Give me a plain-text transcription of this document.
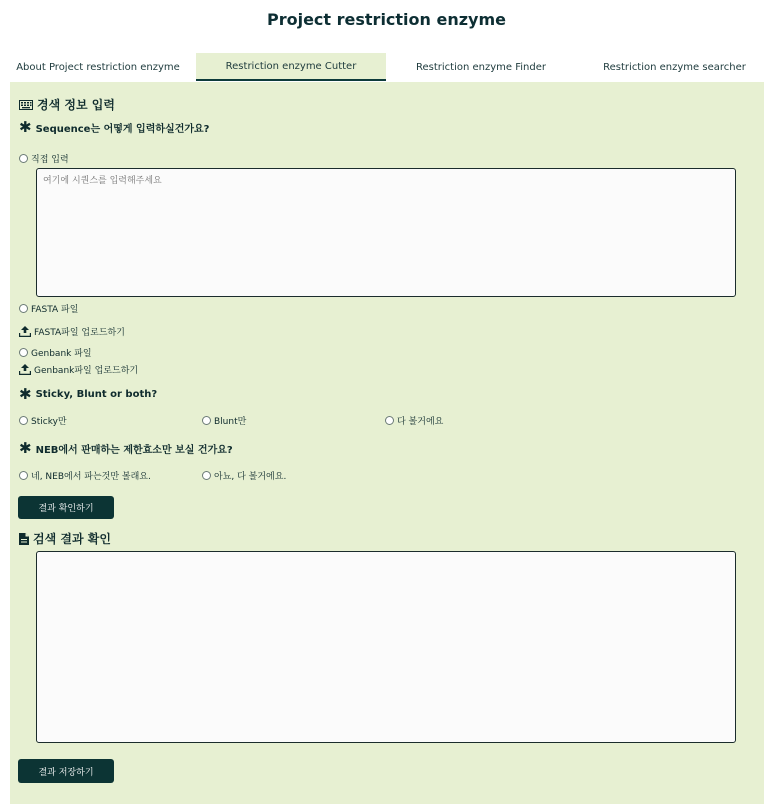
Project restriction enzyme
About Project restriction enzyme	Restriction enzyme Cutter	Restriction enzyme Finder	Restriction enzyme searcher
경색 정보 입력
✱ Sequence는 어떻게 입력하실건가요?
직접 입력
여기에 시퀀스를 입력해주세요
FASTA 파일
FASTA파일 업로드하기
Genbank 파일
Genbank파일 업로드하기
✱ Sticky, Blunt or both?
Sticky만	Blunt만	다 볼거에요
✱ NEB에서 판매하는 제한효소만 보실 건가요?
네, NEB에서 파는것만 볼래요.	아뇨, 다 볼거에요.
결과 확인하기
검색 결과 확인
결과 저장하기
